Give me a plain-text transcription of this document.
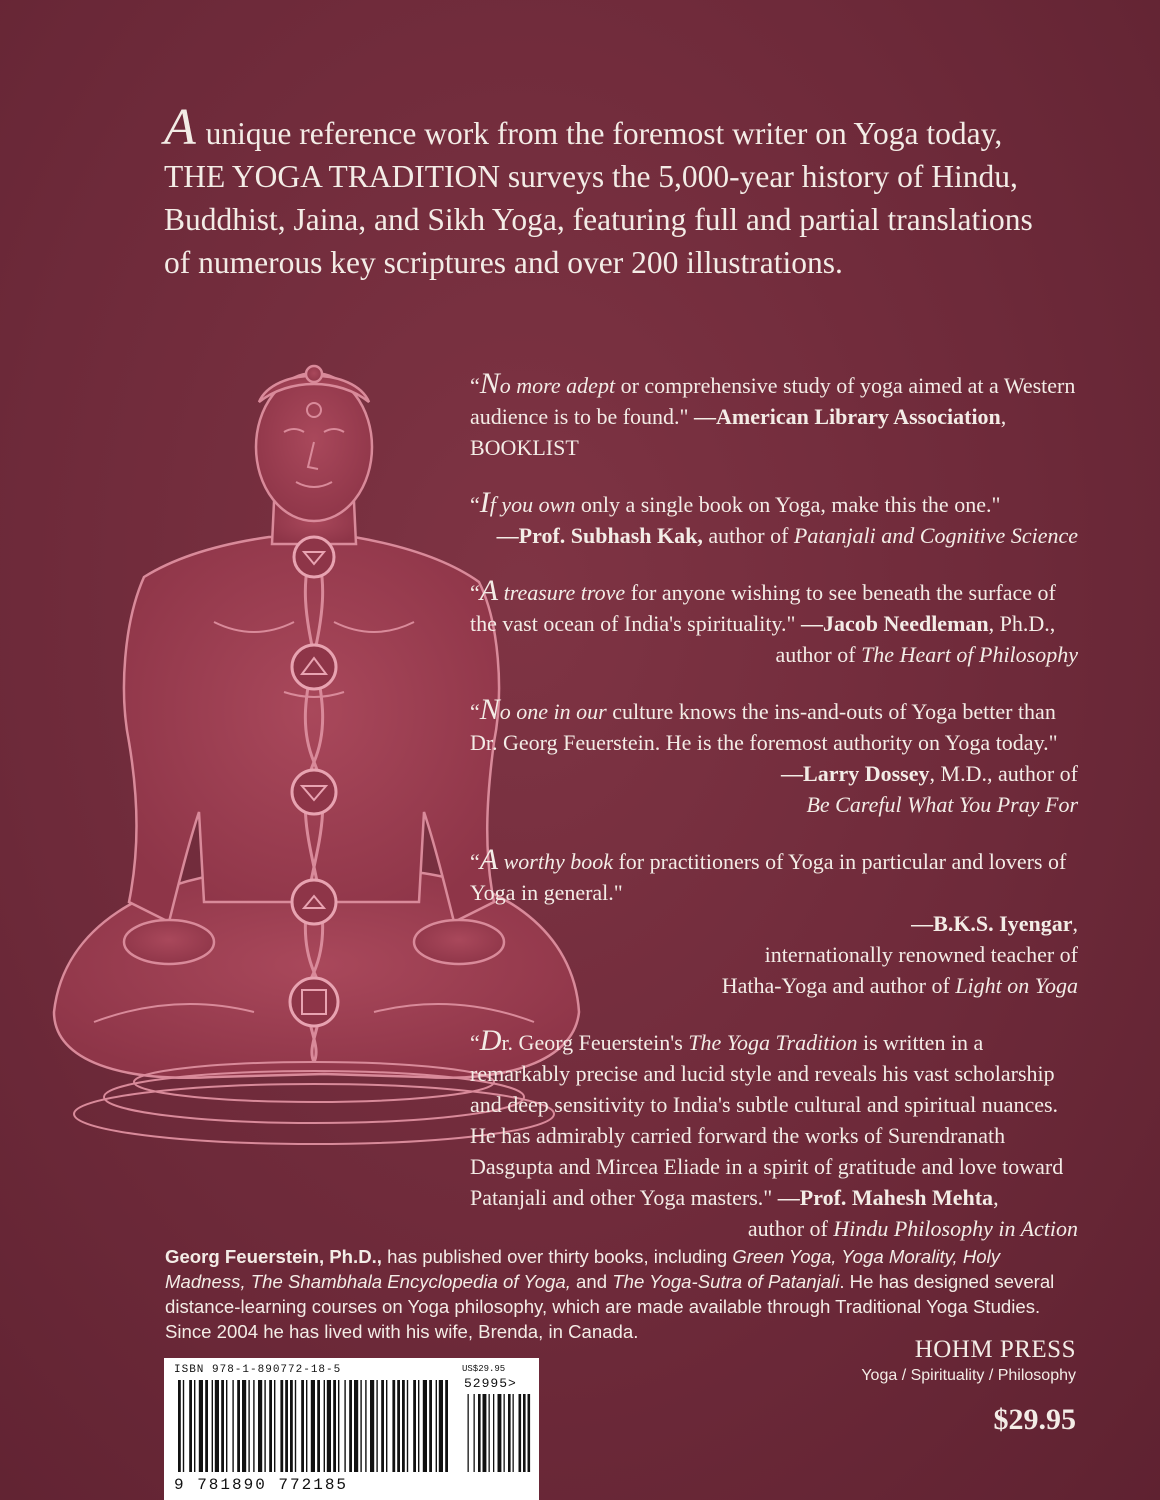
A unique reference work from the foremost writer on Yoga today, THE YOGA TRADITION surveys the 5,000-year history of Hindu, Buddhist, Jaina, and Sikh Yoga, featuring full and partial translations of numerous key scriptures and over 200 illustrations.

“No more adept or comprehensive study of yoga aimed at a Western audience is to be found." —American Library Association, BOOKLIST

“If you own only a single book on Yoga, make this the one."
—Prof. Subhash Kak, author of Patanjali and Cognitive Science

“A treasure trove for anyone wishing to see beneath the surface of the vast ocean of India's spirituality." —Jacob Needleman, Ph.D.,
author of The Heart of Philosophy

“No one in our culture knows the ins-and-outs of Yoga better than Dr. Georg Feuerstein. He is the foremost authority on Yoga today."
—Larry Dossey, M.D., author of
Be Careful What You Pray For

“A worthy book for practitioners of Yoga in particular and lovers of Yoga in general."
—B.K.S. Iyengar,
internationally renowned teacher of
Hatha-Yoga and author of Light on Yoga

“Dr. Georg Feuerstein's The Yoga Tradition is written in a remarkably precise and lucid style and reveals his vast scholarship and deep sensitivity to India's subtle cultural and spiritual nuances. He has admirably carried forward the works of Surendranath Dasgupta and Mircea Eliade in a spirit of gratitude and love toward Patanjali and other Yoga masters." —Prof. Mahesh Mehta,
author of Hindu Philosophy in Action

Georg Feuerstein, Ph.D., has published over thirty books, including Green Yoga, Yoga Morality, Holy Madness, The Shambhala Encyclopedia of Yoga, and The Yoga-Sutra of Patanjali. He has designed several distance-learning courses on Yoga philosophy, which are made available through Traditional Yoga Studies. Since 2004 he has lived with his wife, Brenda, in Canada.

ISBN 978-1-890772-18-5	US$29.95
52995>
9 781890 772185
HOHM PRESS
Yoga / Spirituality / Philosophy
$29.95
